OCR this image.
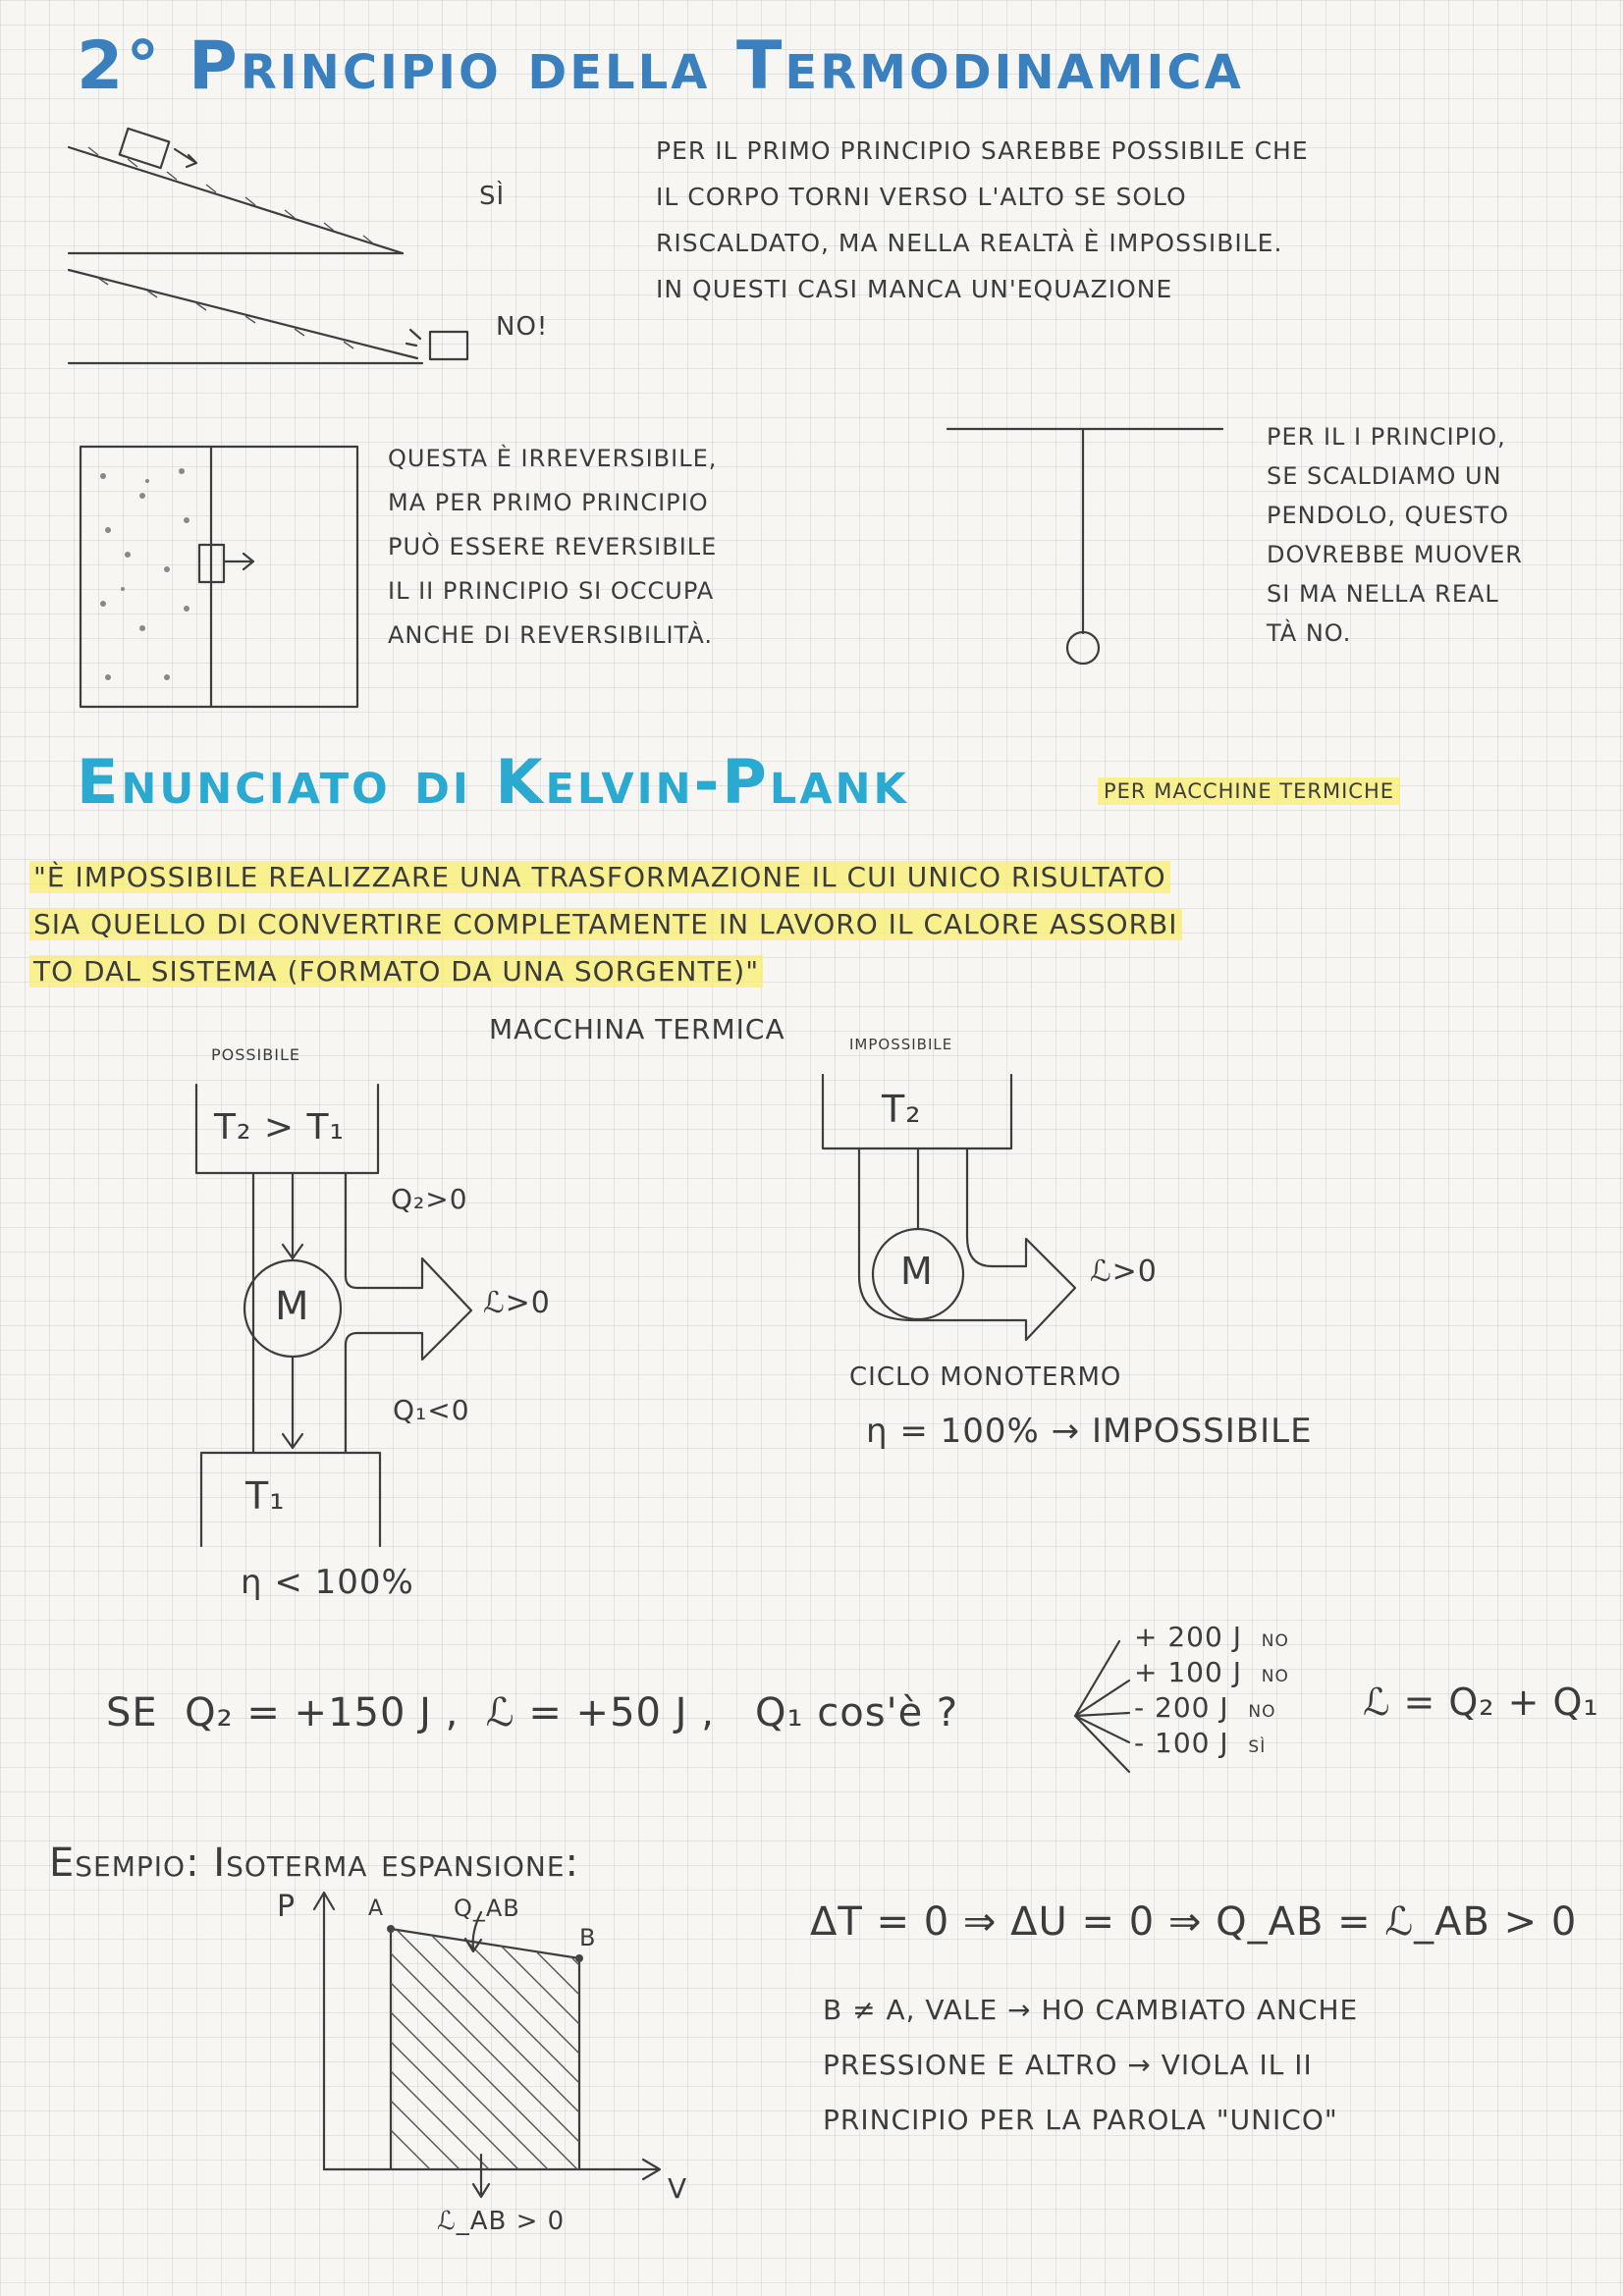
2° Principio della Termodinamica
SÌ
NO!
PER IL PRIMO PRINCIPIO SAREBBE POSSIBILE CHE
IL CORPO TORNI VERSO L'ALTO SE SOLO
RISCALDATO, MA NELLA REALTÀ È IMPOSSIBILE.
IN QUESTI CASI MANCA UN'EQUAZIONE
QUESTA È IRREVERSIBILE,
MA PER PRIMO PRINCIPIO
PUÒ ESSERE REVERSIBILE
IL II PRINCIPIO SI OCCUPA
ANCHE DI REVERSIBILITÀ.
PER IL I PRINCIPIO,
SE SCALDIAMO UN
PENDOLO, QUESTO
DOVREBBE MUOVER
SI MA NELLA REAL
TÀ NO.
Enunciato di Kelvin-Plank	PER MACCHINE TERMICHE
"È IMPOSSIBILE REALIZZARE UNA TRASFORMAZIONE IL CUI UNICO RISULTATO
SIA QUELLO DI CONVERTIRE COMPLETAMENTE IN LAVORO IL CALORE ASSORBI
TO DAL SISTEMA (FORMATO DA UNA SORGENTE)"
MACCHINA TERMICA
POSSIBILE
IMPOSSIBILE
T₂ > T₁
T₁
M
Q₂>0
ℒ>0
Q₁<0
η < 100%
T₂
M	ℒ>0
CICLO MONOTERMO
η = 100% → IMPOSSIBILE
SE  Q₂ = +150 J ,  ℒ = +50 J ,   Q₁ cos'è ?
+ 200 J NO
+ 100 J NO
- 200 J NO
- 100 J SÌ
ℒ = Q₂ + Q₁
Esempio: Isoterma espansione:
P
V
A
B
Q_AB
ℒ_AB > 0
ΔT = 0 ⇒ ΔU = 0 ⇒ Q_AB = ℒ_AB > 0
B ≠ A, VALE → HO CAMBIATO ANCHE
PRESSIONE E ALTRO → VIOLA IL II
PRINCIPIO PER LA PAROLA "UNICO"
